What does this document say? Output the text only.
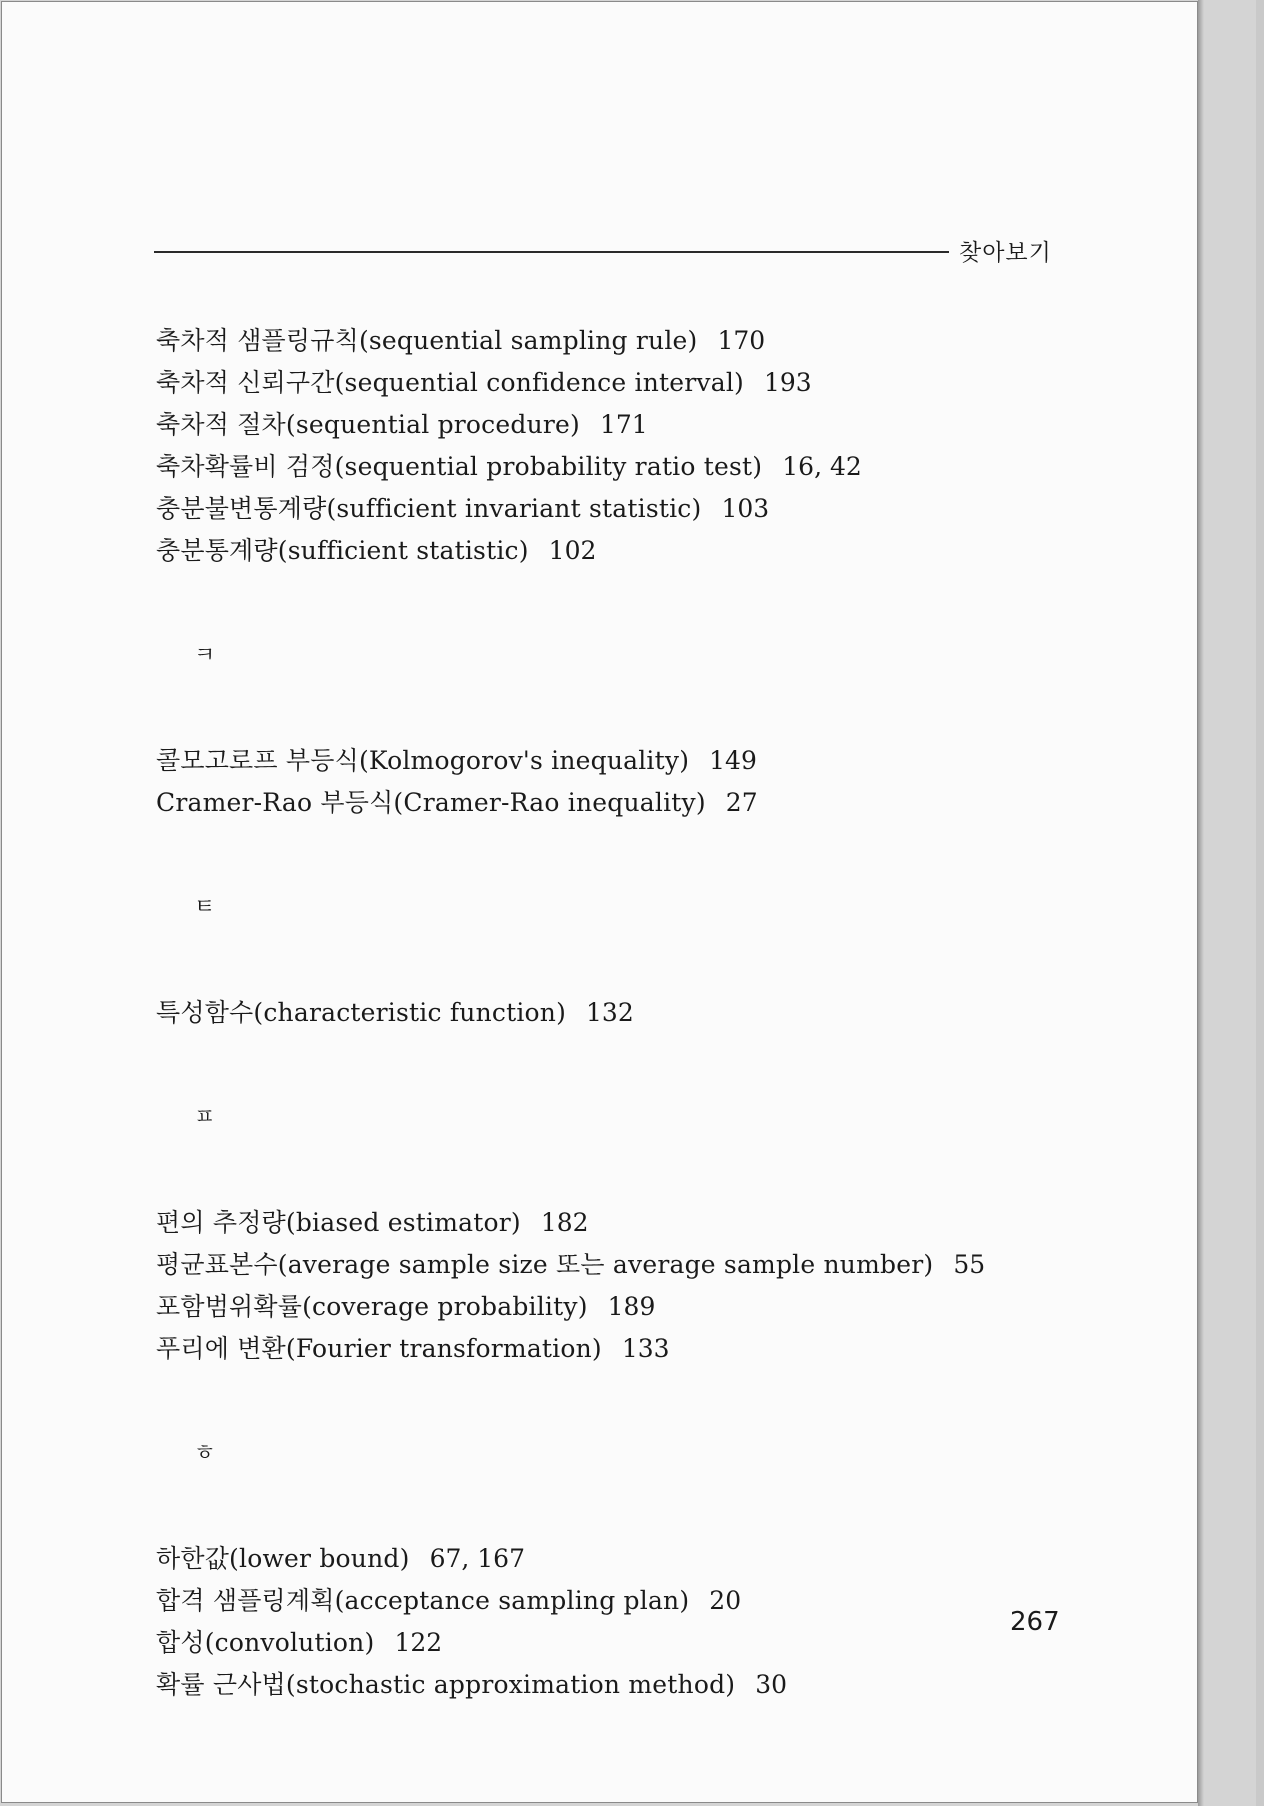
찾아보기
축차적 샘플링규칙(sequential sampling rule) 170
축차적 신뢰구간(sequential confidence interval) 193
축차적 절차(sequential procedure) 171
축차확률비 검정(sequential probability ratio test) 16, 42
충분불변통계량(sufficient invariant statistic) 103
충분통계량(sufficient statistic) 102
ㅋ
콜모고로프 부등식(Kolmogorov's inequality) 149
Cramer-Rao 부등식(Cramer-Rao inequality) 27
ㅌ
특성함수(characteristic function) 132
ㅍ
편의 추정량(biased estimator) 182
평균표본수(average sample size 또는 average sample number) 55
포함범위확률(coverage probability) 189
푸리에 변환(Fourier transformation) 133
ㅎ
하한값(lower bound) 67, 167
합격 샘플링계획(acceptance sampling plan) 20
합성(convolution) 122
확률 근사법(stochastic approximation method) 30
267
